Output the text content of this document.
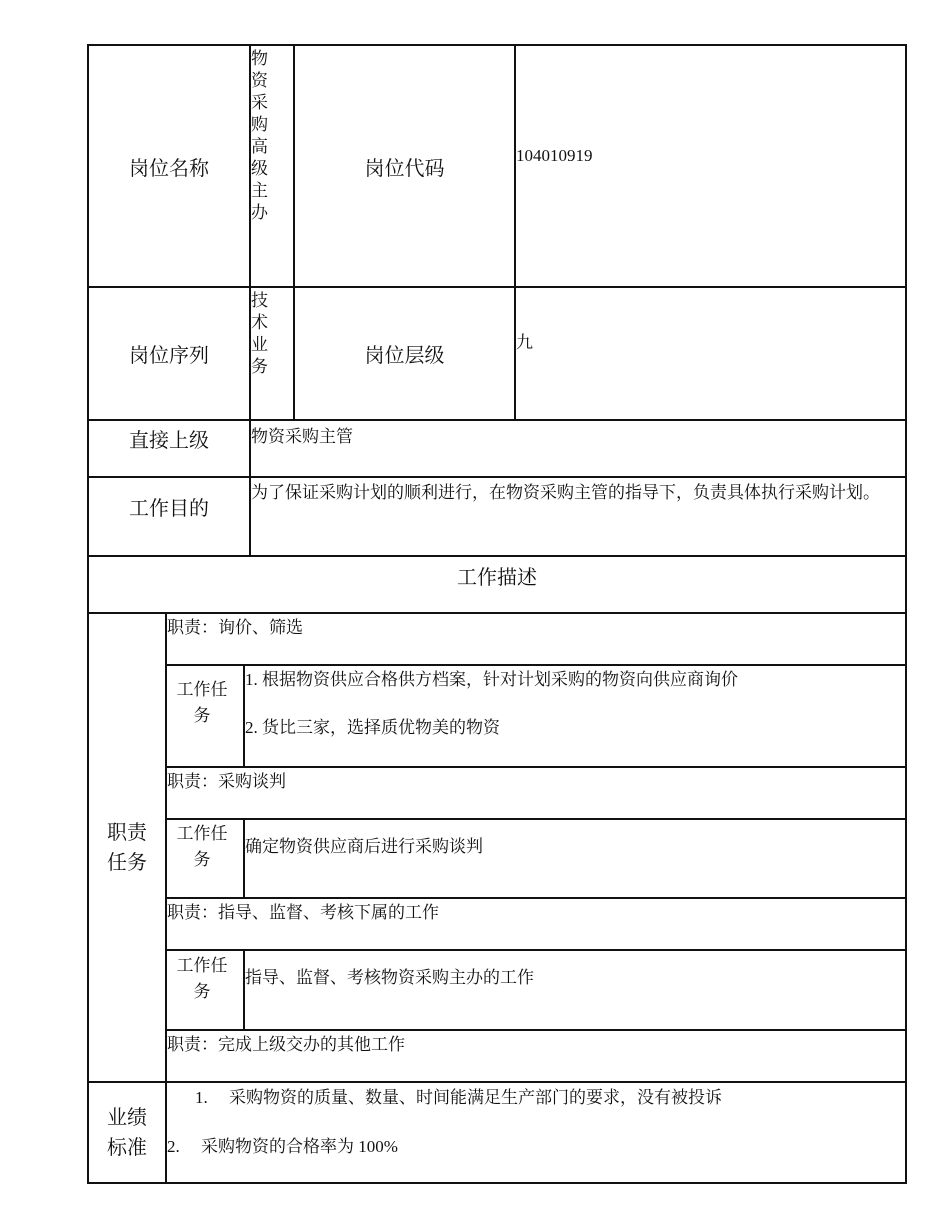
岗位名称
物资采购高级主办
岗位代码
104010919
岗位序列
技术业务	岗位层级
九
直接上级	物资采购主管
工作目的
为了保证采购计划的顺利进行，在物资采购主管的指导下，负责具体执行采购计划。
工作描述
职责任务
职责：询价、筛选
工作任务
1. 根据物资供应合格供方档案，针对计划采购的物资向供应商询价
2. 货比三家，选择质优物美的物资
职责：采购谈判
工作任务
确定物资供应商后进行采购谈判
职责：指导、监督、考核下属的工作
工作任务
指导、监督、考核物资采购主办的工作
职责：完成上级交办的其他工作
业绩标准
1.　 采购物资的质量、数量、时间能满足生产部门的要求，没有被投诉
2.　 采购物资的合格率为 100%
